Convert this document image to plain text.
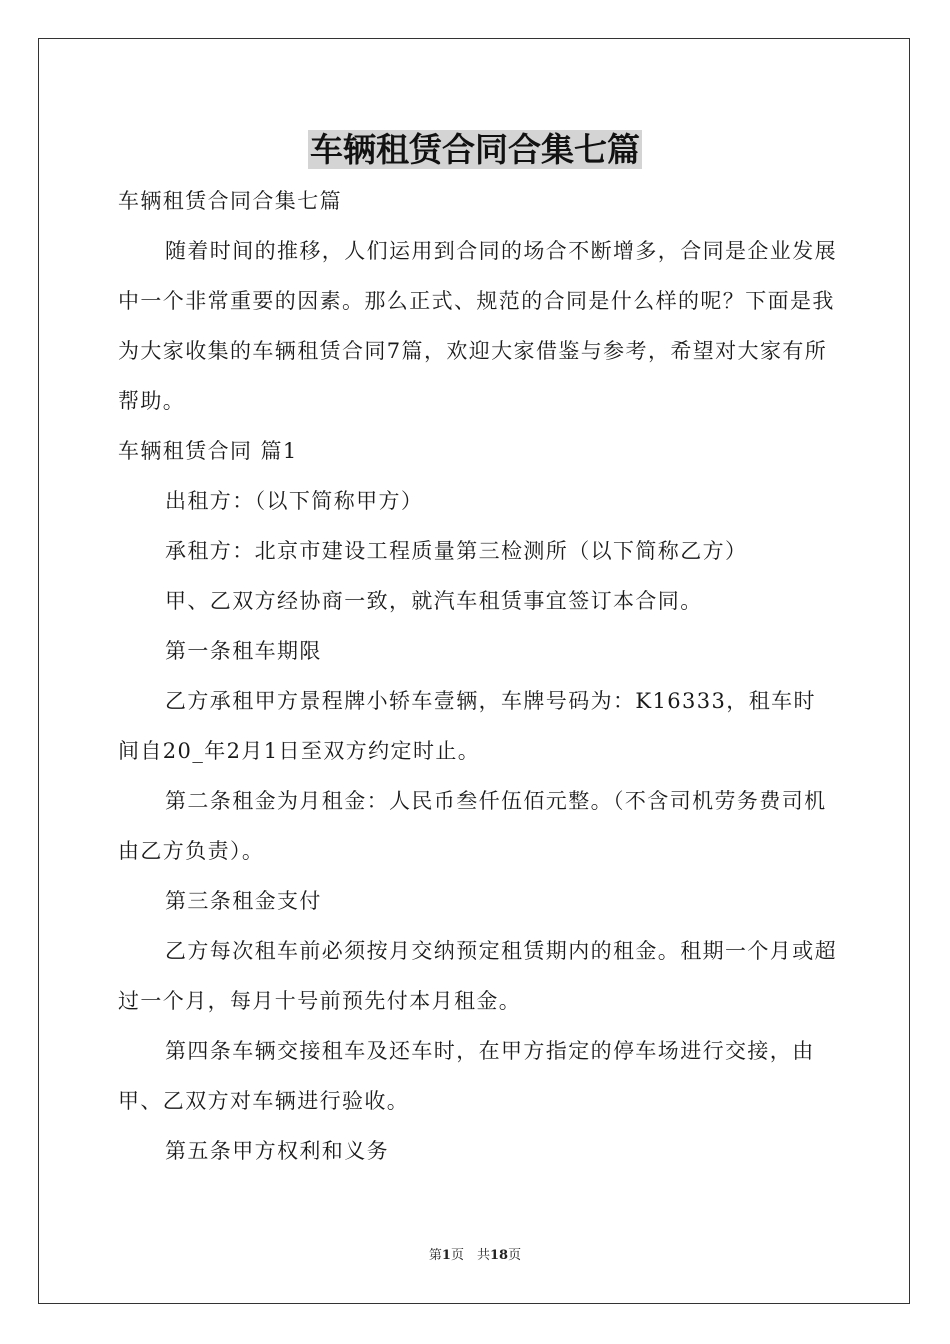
车辆租赁合同合集七篇

车辆租赁合同合集七篇

随着时间的推移，人们运用到合同的场合不断增多，合同是企业发展中一个非常重要的因素。那么正式、规范的合同是什么样的呢？下面是我为大家收集的车辆租赁合同7篇，欢迎大家借鉴与参考，希望对大家有所帮助。

车辆租赁合同 篇1

出租方：（以下简称甲方）

承租方：北京市建设工程质量第三检测所（以下简称乙方）

甲、乙双方经协商一致，就汽车租赁事宜签订本合同。

第一条租车期限

乙方承租甲方景程牌小轿车壹辆，车牌号码为：K16333，租车时间自20_年2月1日至双方约定时止。

第二条租金为月租金：人民币叁仟伍佰元整。（不含司机劳务费司机由乙方负责）。

第三条租金支付

乙方每次租车前必须按月交纳预定租赁期内的租金。租期一个月或超过一个月，每月十号前预先付本月租金。

第四条车辆交接租车及还车时，在甲方指定的停车场进行交接，由甲、乙双方对车辆进行验收。

第五条甲方权利和义务

第1页　共18页
